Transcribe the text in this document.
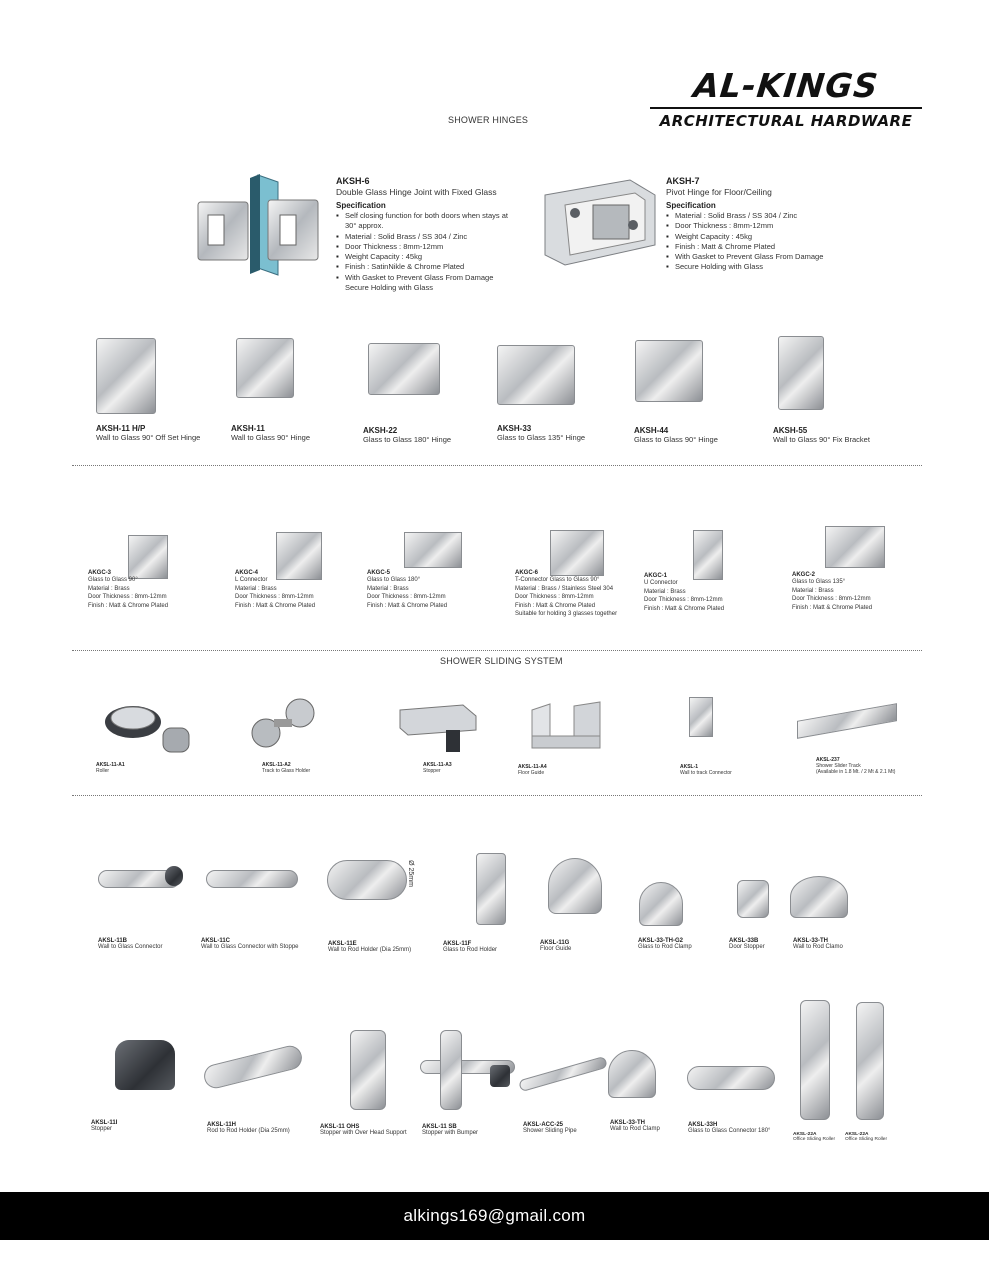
AL-KINGS
ARCHITECTURAL HARDWARE
SHOWER HINGES
AKSH-6
Double Glass Hinge Joint with Fixed Glass
Specification
▪ Self closing function for both doors when stays at
30° approx.
▪ Material : Solid Brass / SS 304 / Zinc
▪ Door Thickness : 8mm-12mm
▪ Weight Capacity : 45kg
▪ Finish : SatinNikle & Chrome Plated
▪ With Gasket to Prevent Glass From Damage
Secure Holding with Glass
AKSH-7
Pivot Hinge for Floor/Ceiling
Specification
▪ Material : Solid Brass / SS 304 / Zinc
▪ Door Thickness : 8mm-12mm
▪ Weight Capacity : 45kg
▪ Finish : Matt & Chrome Plated
▪ With Gasket to Prevent Glass From Damage
▪ Secure Holding with Glass
AKSH-11 H/P
Wall to Glass 90° Off Set Hinge
AKSH-11
Wall to Glass 90° Hinge
AKSH-22
Glass to Glass 180° Hinge
AKSH-33
Glass to Glass 135° Hinge
AKSH-44
Glass to Glass 90° Hinge
AKSH-55
Wall to Glass 90° Fix Bracket
AKGC-3
Glass to Glass 90°
Material : Brass
Door Thickness : 8mm-12mm
Finish : Matt & Chrome Plated
AKGC-4
L Connector
Material : Brass
Door Thickness : 8mm-12mm
Finish : Matt & Chrome Plated
AKGC-5
Glass to Glass 180°
Material : Brass
Door Thickness : 8mm-12mm
Finish : Matt & Chrome Plated
AKGC-6
T-Connector Glass to Glass 90°
Material : Brass / Stainless Steel 304
Door Thickness : 8mm-12mm
Finish : Matt & Chrome Plated
Suitable for holding 3 glasses together
AKGC-1
U Connector
Material : Brass
Door Thickness : 8mm-12mm
Finish : Matt & Chrome Plated
AKGC-2
Glass to Glass 135°
Material : Brass
Door Thickness : 8mm-12mm
Finish : Matt & Chrome Plated
SHOWER SLIDING SYSTEM
AKSL-11-A1
Roller
AKSL-11-A2
Track to Glass Holder
AKSL-11-A3
Stopper
AKSL-11-A4
Floor Guide
AKSL-1
Wall to track Connector
AKSL-237
Shower Slider Track
(Available in 1.8 Mt. / 2 Mt & 2.1 Mt)
Ø 25mm
AKSL-11B
Wall to Glass Connector
AKSL-11C
Wall to Glass Connector with Stoppe	AKSL-11E
Wall to Rod Holder (Dia 25mm)
AKSL-11F
Glass to Rod Holder
AKSL-11G
Floor Guide
AKSL-33-TH-G2
Glass to Rod Clamp
AKSL-33B
Door Stopper
AKSL-33-TH
Wall to Rod Clamo
AKSL-11I
Stopper
AKSL-11H
Rod to Rod Holder (Dia 25mm)
AKSL-11 OHS
Stopper with Over Head Support
AKSL-11 SB
Stopper with Bumper
AKSL-ACC-25
Shower Sliding Pipe
AKSL-33-TH
Wall to Rod Clamp
AKSL-33H
Glass to Glass Connector 180°
AKSL-22A
Office Sliding Roller
AKSL-22A
Office Sliding Roller
alkings169@gmail.com
